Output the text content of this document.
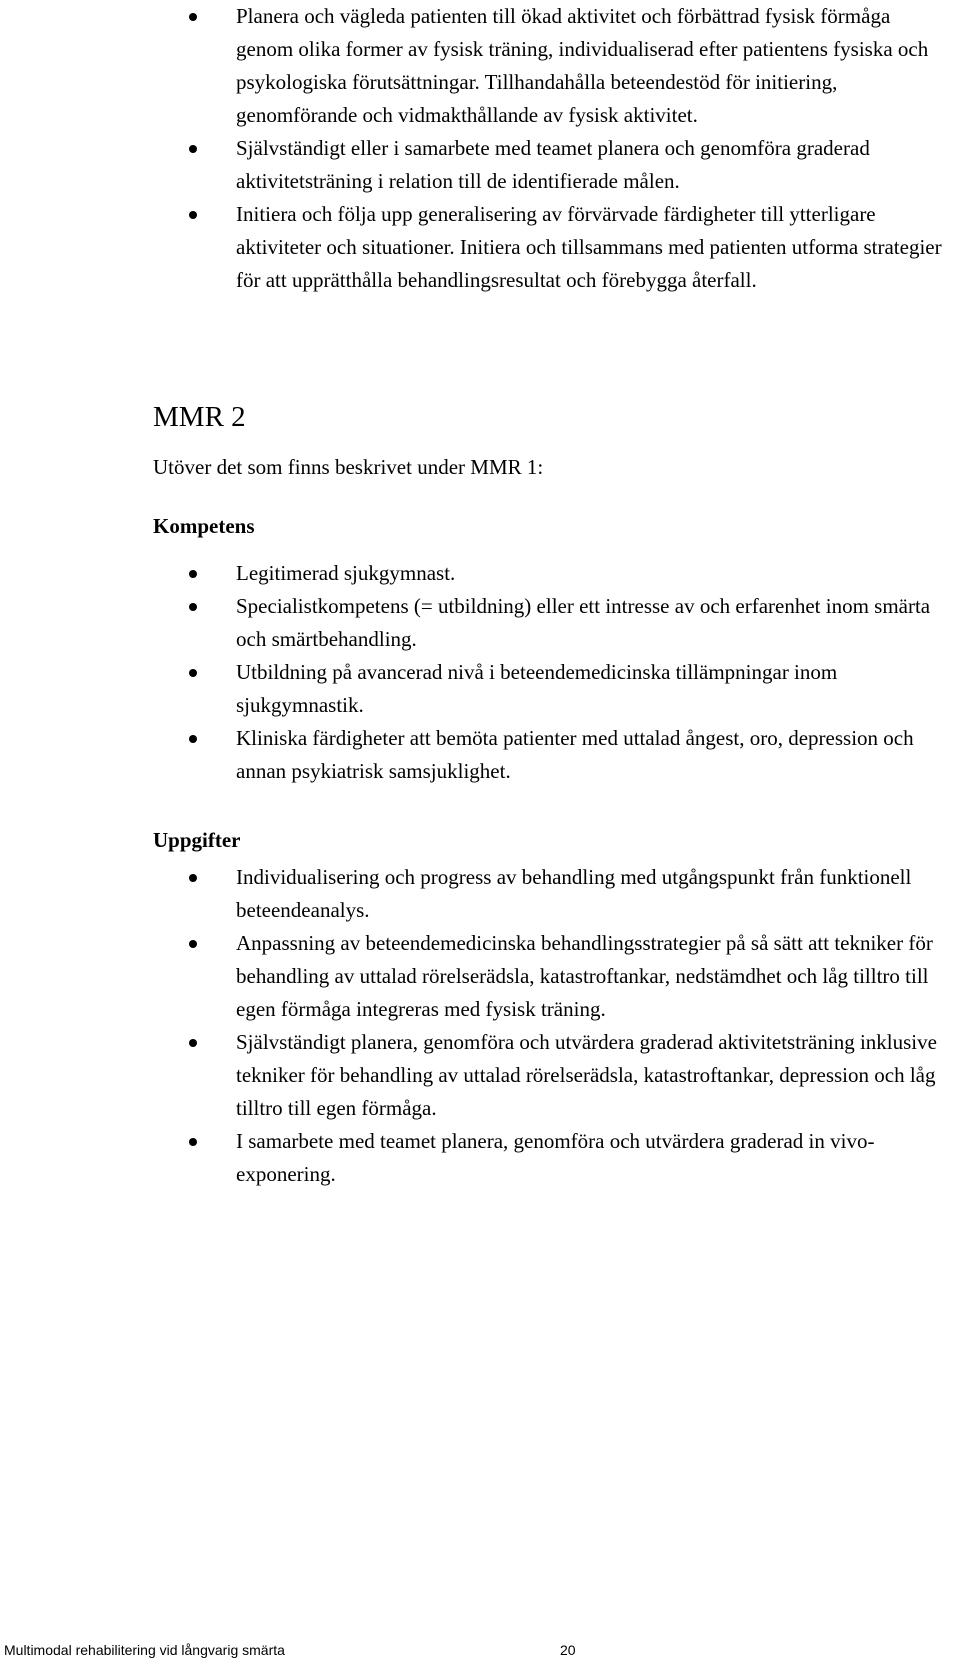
Planera och vägleda patienten till ökad aktivitet och förbättrad fysisk förmåga genom olika former av fysisk träning, individualiserad efter patientens fysiska och psykologiska förutsättningar. Tillhandahålla beteendestöd för initiering, genomförande och vidmakthållande av fysisk aktivitet.
Självständigt eller i samarbete med teamet planera och genomföra graderad aktivitetsträning i relation till de identifierade målen.
Initiera och följa upp generalisering av förvärvade färdigheter till ytterligare aktiviteter och situationer. Initiera och tillsammans med patienten utforma strategier för att upprätthålla behandlingsresultat och förebygga återfall.
MMR 2

Utöver det som finns beskrivet under MMR 1:

Kompetens
Legitimerad sjukgymnast.
Specialistkompetens (= utbildning) eller ett intresse av och erfarenhet inom smärta och smärtbehandling.
Utbildning på avancerad nivå i beteendemedicinska tillämpningar inom sjukgymnastik.
Kliniska färdigheter att bemöta patienter med uttalad ångest, oro, depression och annan psykiatrisk samsjuklighet.
Uppgifter
Individualisering och progress av behandling med utgångspunkt från funktionell beteendeanalys.
Anpassning av beteendemedicinska behandlingsstrategier på så sätt att tekniker för behandling av uttalad rörelserädsla, katastroftankar, nedstämdhet och låg tilltro till egen förmåga integreras med fysisk träning.
Självständigt planera, genomföra och utvärdera graderad aktivitetsträning inklusive tekniker för behandling av uttalad rörelserädsla, katastroftankar, depression och låg tilltro till egen förmåga.
I samarbete med teamet planera, genomföra och utvärdera graderad in vivo-exponering.
Multimodal rehabilitering vid långvarig smärta	20
